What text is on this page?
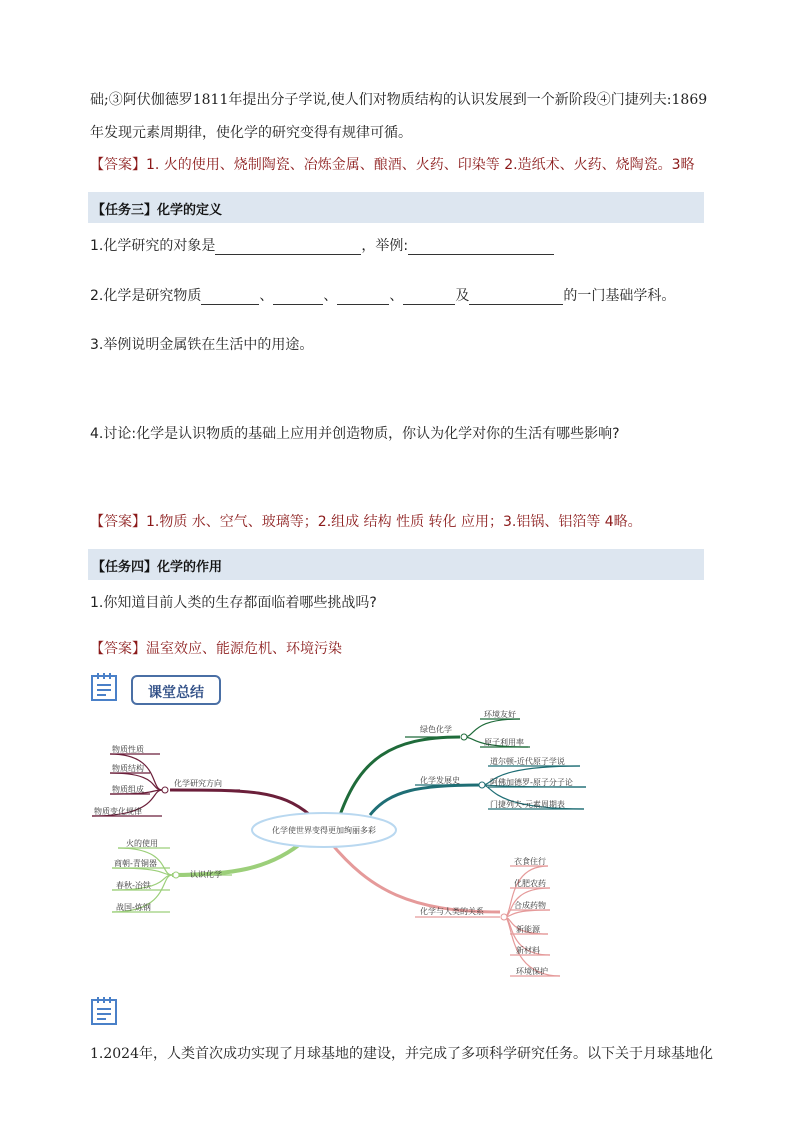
础;③阿伏伽德罗1811年提出分子学说,使人们对物质结构的认识发展到一个新阶段④门捷列夫:1869
年发现元素周期律，使化学的研究变得有规律可循。
【答案】1. 火的使用、烧制陶瓷、冶炼金属、酿酒、火药、印染等 2.造纸术、火药、烧陶瓷。3略
【任务三】化学的定义
1.化学研究的对象是	，举例:
2.化学是研究物质	、	、	、	及	的一门基础学科。
3.举例说明金属铁在生活中的用途。
4.讨论:化学是认识物质的基础上应用并创造物质，你认为化学对你的生活有哪些影响?
【答案】1.物质 水、空气、玻璃等；2.组成 结构 性质 转化 应用；3.铝锅、铝箔等 4略。
【任务四】化学的作用
1.你知道目前人类的生存都面临着哪些挑战吗?
【答案】温室效应、能源危机、环境污染
课堂总结
化学使世界变得更加绚丽多彩
化学研究方向
认识化学
绿色化学
化学发展史
化学与人类的关系
物质性质
物质结构
物质组成
物质变化规律
火的使用
商朝-青铜器
春秋-冶铁
战国-炼钢
环境友好
原子利用率
道尔顿-近代原子学说
阿佛加德罗-原子分子论
门捷列夫-元素周期表
衣食住行
化肥农药
合成药物
新能源
新材料
环境保护
1.2024年，人类首次成功实现了月球基地的建设，并完成了多项科学研究任务。以下关于月球基地化
